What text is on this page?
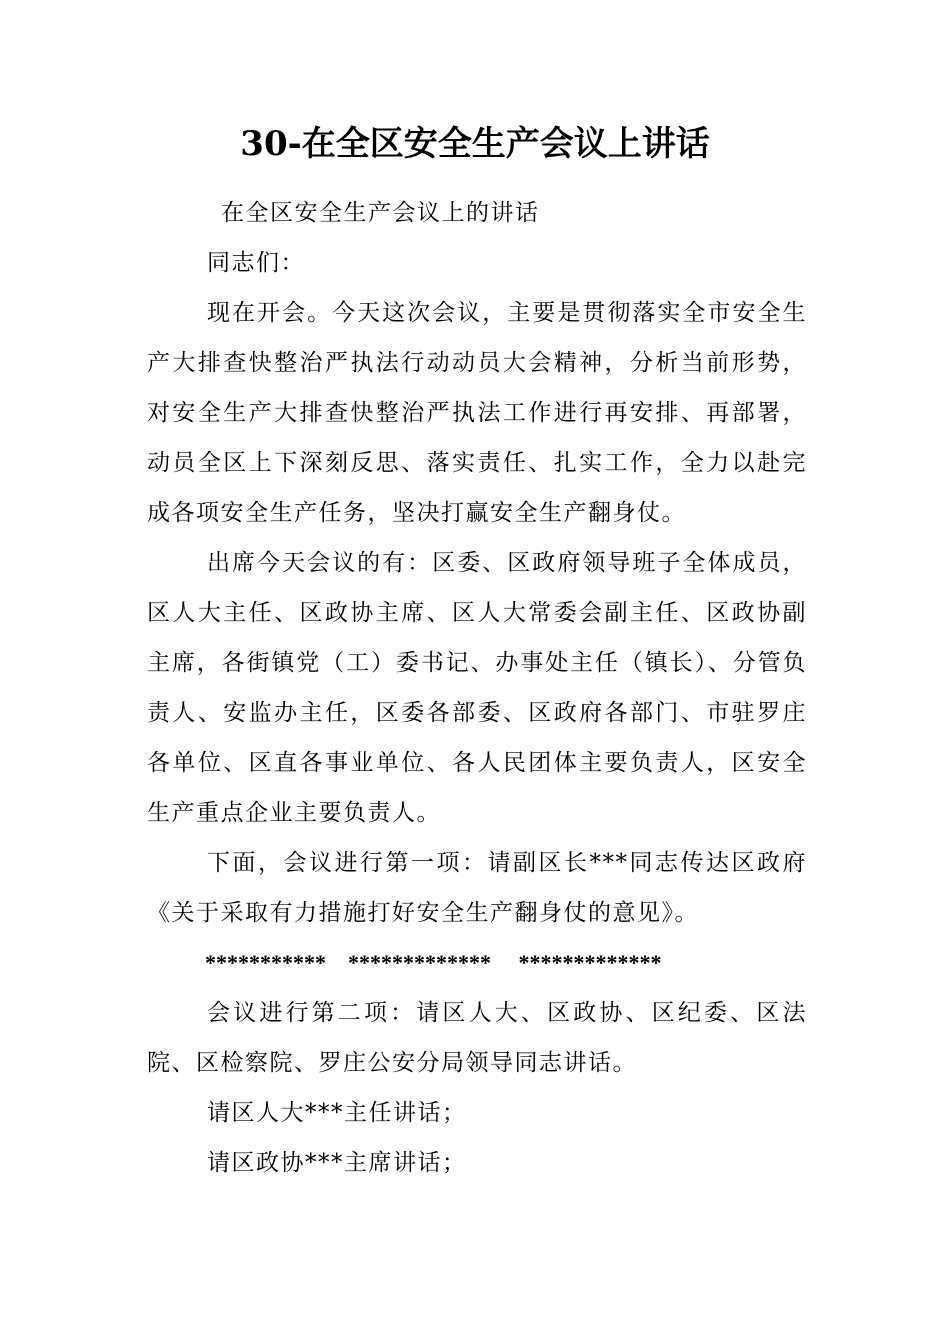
30-在全区安全生产会议上讲话

在全区安全生产会议上的讲话

同志们：

现在开会。今天这次会议，主要是贯彻落实全市安全生产大排查快整治严执法行动动员大会精神，分析当前形势，对安全生产大排查快整治严执法工作进行再安排、再部署，动员全区上下深刻反思、落实责任、扎实工作，全力以赴完成各项安全生产任务，坚决打赢安全生产翻身仗。

出席今天会议的有：区委、区政府领导班子全体成员，区人大主任、区政协主席、区人大常委会副主任、区政协副主席，各街镇党（工）委书记、办事处主任（镇长）、分管负责人、安监办主任，区委各部委、区政府各部门、市驻罗庄各单位、区直各事业单位、各人民团体主要负责人，区安全生产重点企业主要负责人。

下面，会议进行第一项：请副区长***同志传达区政府《关于采取有力措施打好安全生产翻身仗的意见》。

***********    *************     *************

会议进行第二项：请区人大、区政协、区纪委、区法院、区检察院、罗庄公安分局领导同志讲话。

请区人大***主任讲话；

请区政协***主席讲话；
